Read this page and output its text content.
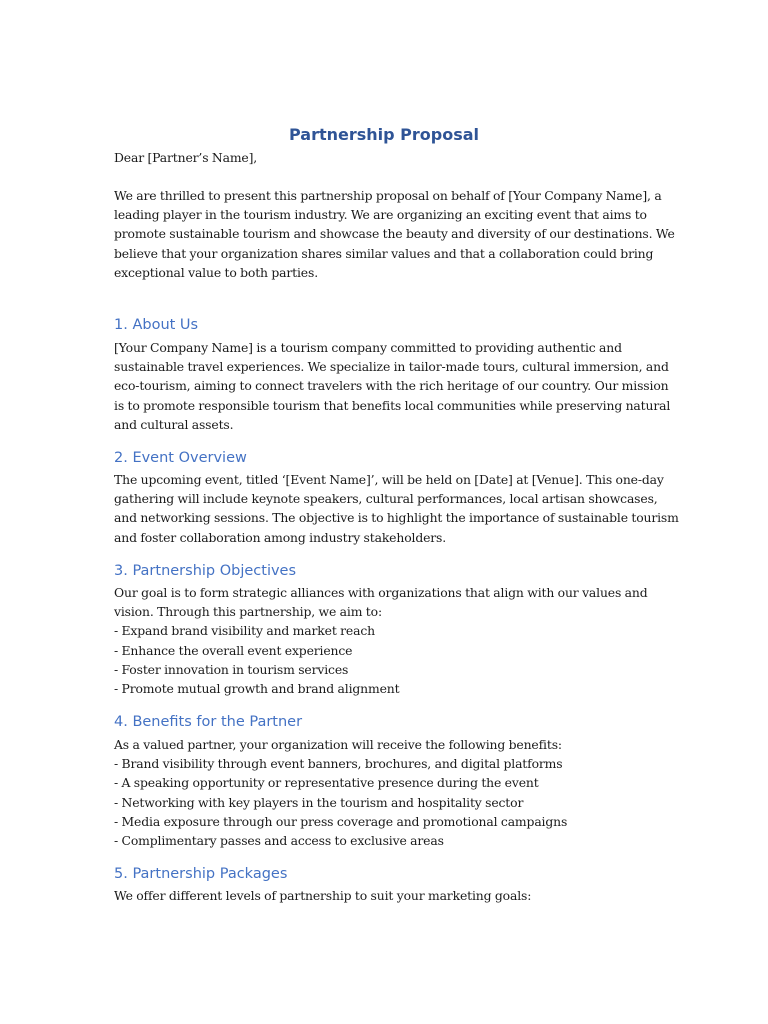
Partnership Proposal
Dear [Partner’s Name],
We are thrilled to present this partnership proposal on behalf of [Your Company Name], a
leading player in the tourism industry. We are organizing an exciting event that aims to
promote sustainable tourism and showcase the beauty and diversity of our destinations. We
believe that your organization shares similar values and that a collaboration could bring
exceptional value to both parties.
1. About Us
[Your Company Name] is a tourism company committed to providing authentic and
sustainable travel experiences. We specialize in tailor-made tours, cultural immersion, and
eco-tourism, aiming to connect travelers with the rich heritage of our country. Our mission
is to promote responsible tourism that benefits local communities while preserving natural
and cultural assets.
2. Event Overview
The upcoming event, titled ‘[Event Name]’, will be held on [Date] at [Venue]. This one-day
gathering will include keynote speakers, cultural performances, local artisan showcases,
and networking sessions. The objective is to highlight the importance of sustainable tourism
and foster collaboration among industry stakeholders.
3. Partnership Objectives
Our goal is to form strategic alliances with organizations that align with our values and
vision. Through this partnership, we aim to:
- Expand brand visibility and market reach
- Enhance the overall event experience
- Foster innovation in tourism services
- Promote mutual growth and brand alignment
4. Benefits for the Partner
As a valued partner, your organization will receive the following benefits:
- Brand visibility through event banners, brochures, and digital platforms
- A speaking opportunity or representative presence during the event
- Networking with key players in the tourism and hospitality sector
- Media exposure through our press coverage and promotional campaigns
- Complimentary passes and access to exclusive areas
5. Partnership Packages
We offer different levels of partnership to suit your marketing goals:
